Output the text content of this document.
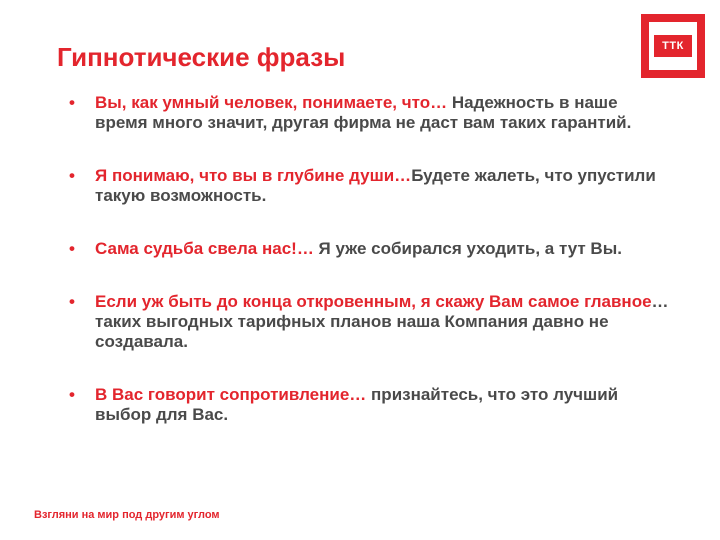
Гипнотические фразы	ТТК
• Вы, как умный человек, понимаете, что… Надежность в наше время много значит, другая фирма не даст вам таких гарантий.
• Я понимаю, что вы в глубине души…Будете жалеть, что упустили такую возможность.
• Сама судьба свела нас!… Я уже собирался уходить, а тут Вы.
• Если уж быть до конца откровенным, я скажу Вам самое главное… таких выгодных тарифных планов наша Компания давно не создавала.
• В Вас говорит сопротивление… признайтесь, что это лучший выбор для Вас.
Взгляни на мир под другим углом
